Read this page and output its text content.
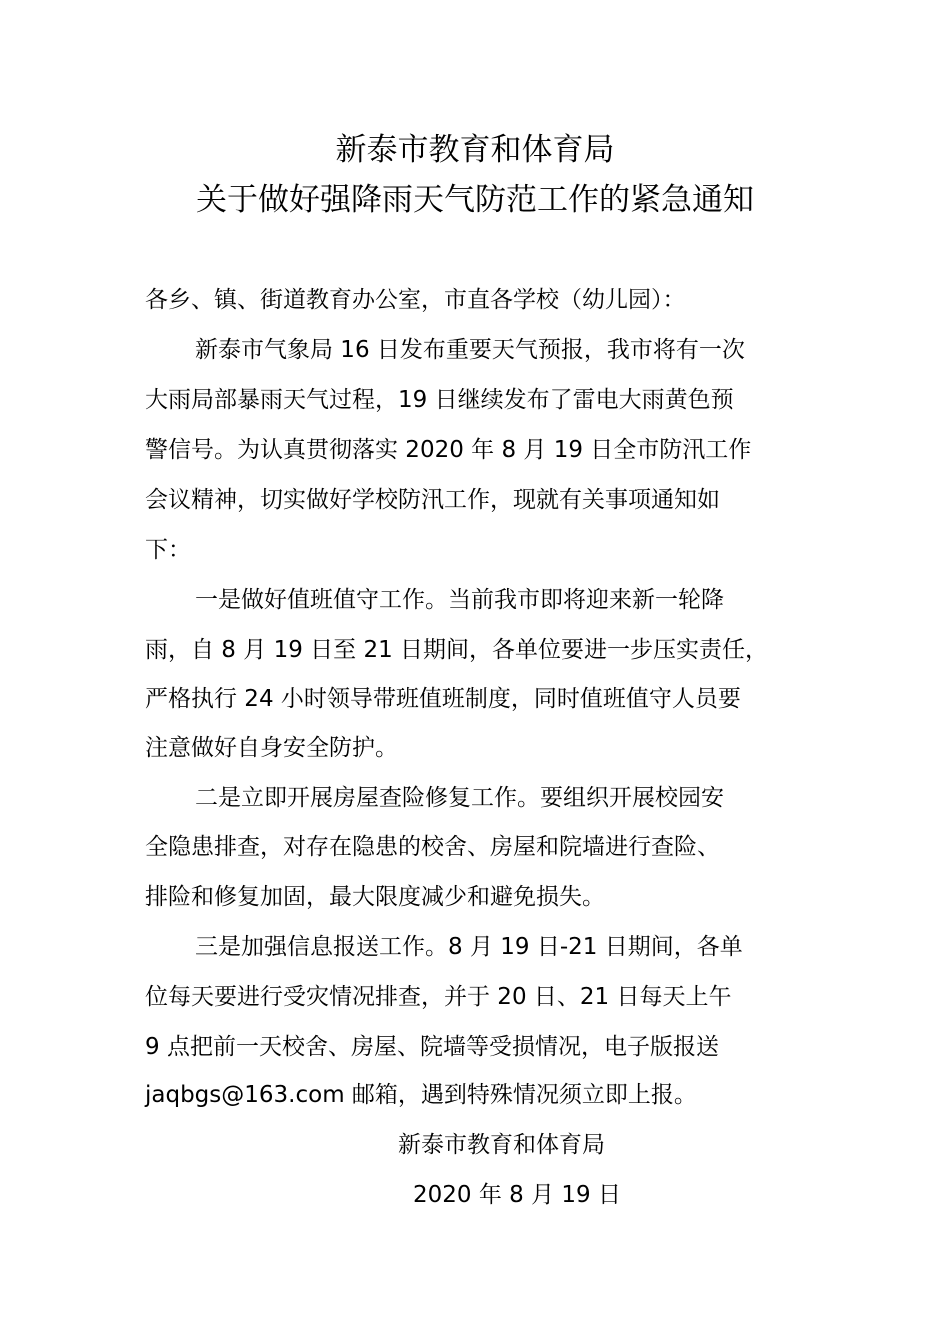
新泰市教育和体育局
关于做好强降雨天气防范工作的紧急通知
各乡、镇、街道教育办公室，市直各学校（幼儿园）：
新泰市气象局 16 日发布重要天气预报，我市将有一次
大雨局部暴雨天气过程，19 日继续发布了雷电大雨黄色预
警信号。为认真贯彻落实 2020 年 8 月 19 日全市防汛工作
会议精神，切实做好学校防汛工作，现就有关事项通知如
下：
一是做好值班值守工作。当前我市即将迎来新一轮降
雨，自 8 月 19 日至 21 日期间，各单位要进一步压实责任，
严格执行 24 小时领导带班值班制度，同时值班值守人员要
注意做好自身安全防护。
二是立即开展房屋查险修复工作。要组织开展校园安
全隐患排查，对存在隐患的校舍、房屋和院墙进行查险、
排险和修复加固，最大限度减少和避免损失。
三是加强信息报送工作。8 月 19 日-21 日期间，各单
位每天要进行受灾情况排查，并于 20 日、21 日每天上午
9 点把前一天校舍、房屋、院墙等受损情况，电子版报送
jaqbgs@163.com 邮箱，遇到特殊情况须立即上报。
新泰市教育和体育局
2020 年 8 月 19 日
